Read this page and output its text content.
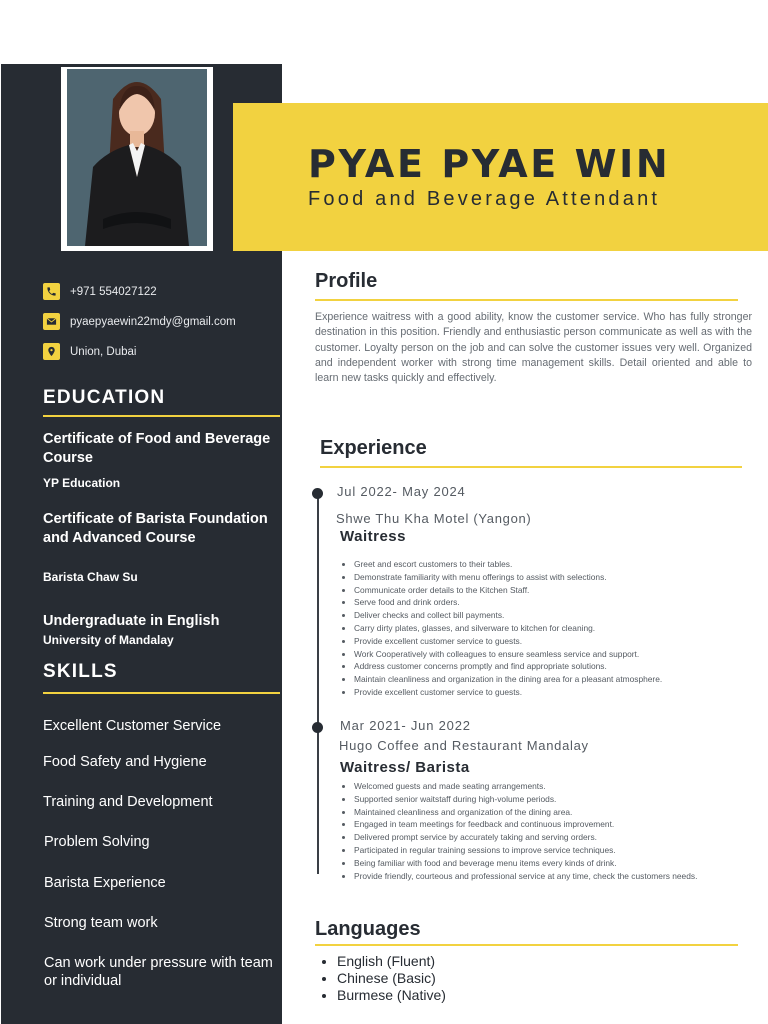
PYAE PYAE WIN
Food and Beverage Attendant
+971 554027122
pyaepyaewin22mdy@gmail.com
Union, Dubai
EDUCATION
Certificate of Food and Beverage Course
YP Education
Certificate of Barista Foundation and Advanced Course
Barista Chaw Su
Undergraduate in English
University of Mandalay
SKILLS
Excellent Customer Service
Food Safety and Hygiene
Training and Development
Problem Solving
Barista Experience
Strong team work
Can work under pressure with team or individual
Profile
Experience waitress with a good ability, know the customer service. Who has fully stronger destination in this position. Friendly and enthusiastic person communicate as well as with the customer. Loyalty person on the job and can solve the customer issues very well. Organized and independent worker with strong time management skills. Detail oriented and able to learn new tasks quickly and effectively.
Experience
Jul 2022- May 2024
Shwe Thu Kha Motel (Yangon)
Waitress
• Greet and escort customers to their tables.
• Demonstrate familiarity with menu offerings to assist with selections.
• Communicate order details to the Kitchen Staff.
• Serve food and drink orders.
• Deliver checks and collect bill payments.
• Carry dirty plates, glasses, and silverware to kitchen for cleaning.
• Provide excellent customer service to guests.
• Work Cooperatively with colleagues to ensure seamless service and support.
• Address customer concerns promptly and find appropriate solutions.
• Maintain cleanliness and organization in the dining area for a pleasant atmosphere.
• Provide excellent customer service to guests.
Mar 2021- Jun 2022
Hugo Coffee and Restaurant Mandalay
Waitress/ Barista
• Welcomed guests and made seating arrangements.
• Supported senior waitstaff during high-volume periods.
• Maintained cleanliness and organization of the dining area.
• Engaged in team meetings for feedback and continuous improvement.
• Delivered prompt service by accurately taking and serving orders.
• Participated in regular training sessions to improve service techniques.
• Being familiar with food and beverage menu items every kinds of drink.
• Provide friendly, courteous and professional service at any time, check the customers needs.
Languages
• English (Fluent)
• Chinese (Basic)
• Burmese (Native)
